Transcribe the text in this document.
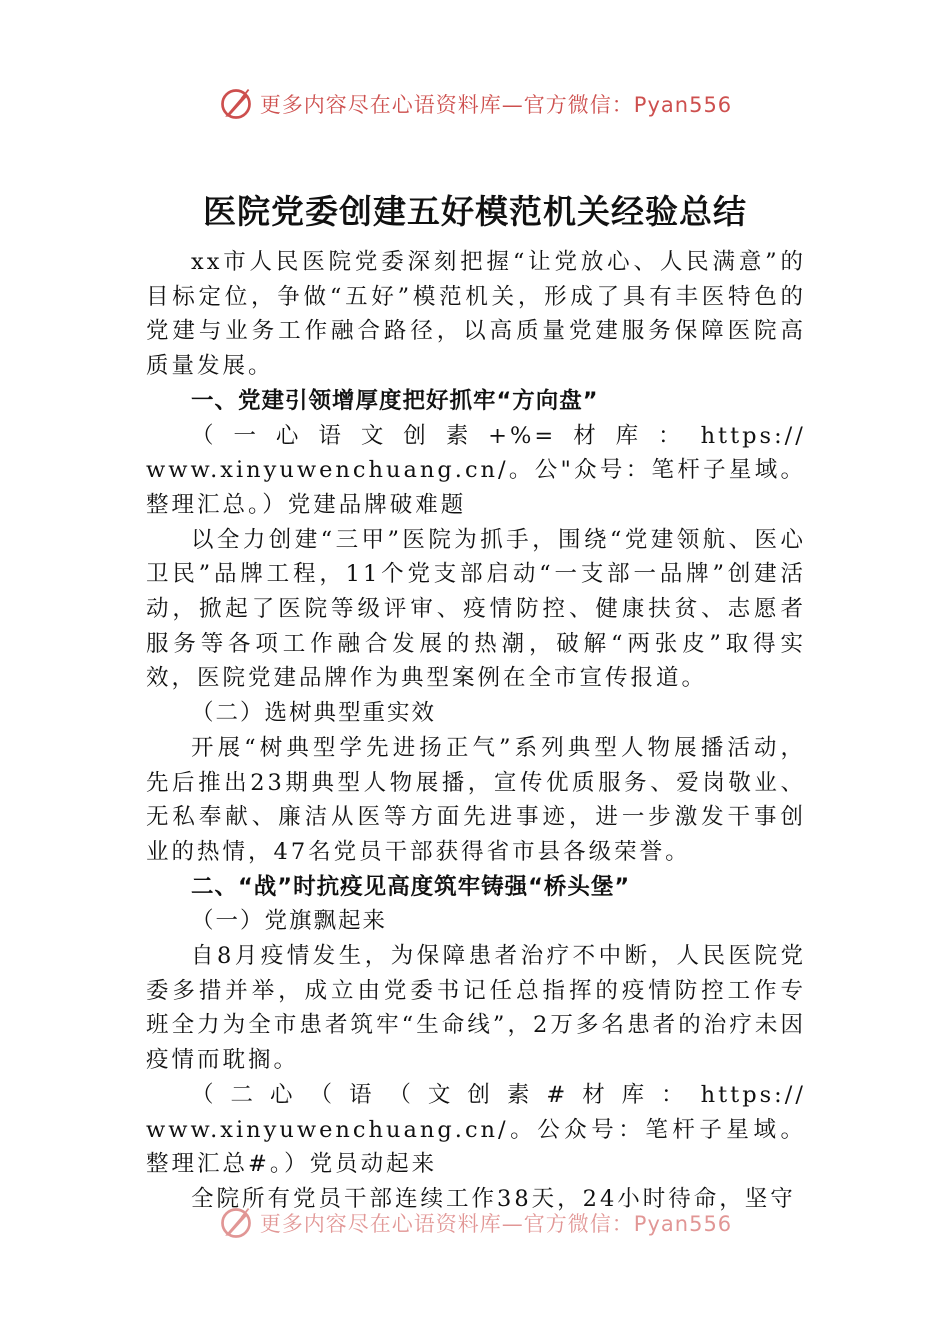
更多内容尽在心语资料库—官方微信：Pyan556
医院党委创建五好模范机关经验总结

xx市人民医院党委深刻把握“让党放心、人民满意”的目标定位，争做“五好”模范机关，形成了具有丰医特色的党建与业务工作融合路径，以高质量党建服务保障医院高质量发展。

一、党建引领增厚度把好抓牢“方向盘”

（ 一 心 语 文 创 素 +%= 材 库 ： https://
www.xinyuwenchuang.cn/。公"众号：笔杆子星域。整理汇总。）党建品牌破难题

以全力创建“三甲”医院为抓手，围绕“党建领航、医心卫民”品牌工程，11个党支部启动“一支部一品牌”创建活动，掀起了医院等级评审、疫情防控、健康扶贫、志愿者服务等各项工作融合发展的热潮，破解“两张皮”取得实效，医院党建品牌作为典型案例在全市宣传报道。

（二）选树典型重实效

开展“树典型学先进扬正气”系列典型人物展播活动，先后推出23期典型人物展播，宣传优质服务、爱岗敬业、无私奉献、廉洁从医等方面先进事迹，进一步激发干事创业的热情，47名党员干部获得省市县各级荣誉。

二、“战”时抗疫见高度筑牢铸强“桥头堡”

（一）党旗飘起来

自8月疫情发生，为保障患者治疗不中断，人民医院党委多措并举，成立由党委书记任总指挥的疫情防控工作专班全力为全市患者筑牢“生命线”，2万多名患者的治疗未因疫情而耽搁。

（ 二 心 （ 语 （ 文 创 素 # 材 库 ： https://
www.xinyuwenchuang.cn/。公众号：笔杆子星域。整理汇总#。）党员动起来

全院所有党员干部连续工作38天，24小时待命，坚守

更多内容尽在心语资料库—官方微信：Pyan556
